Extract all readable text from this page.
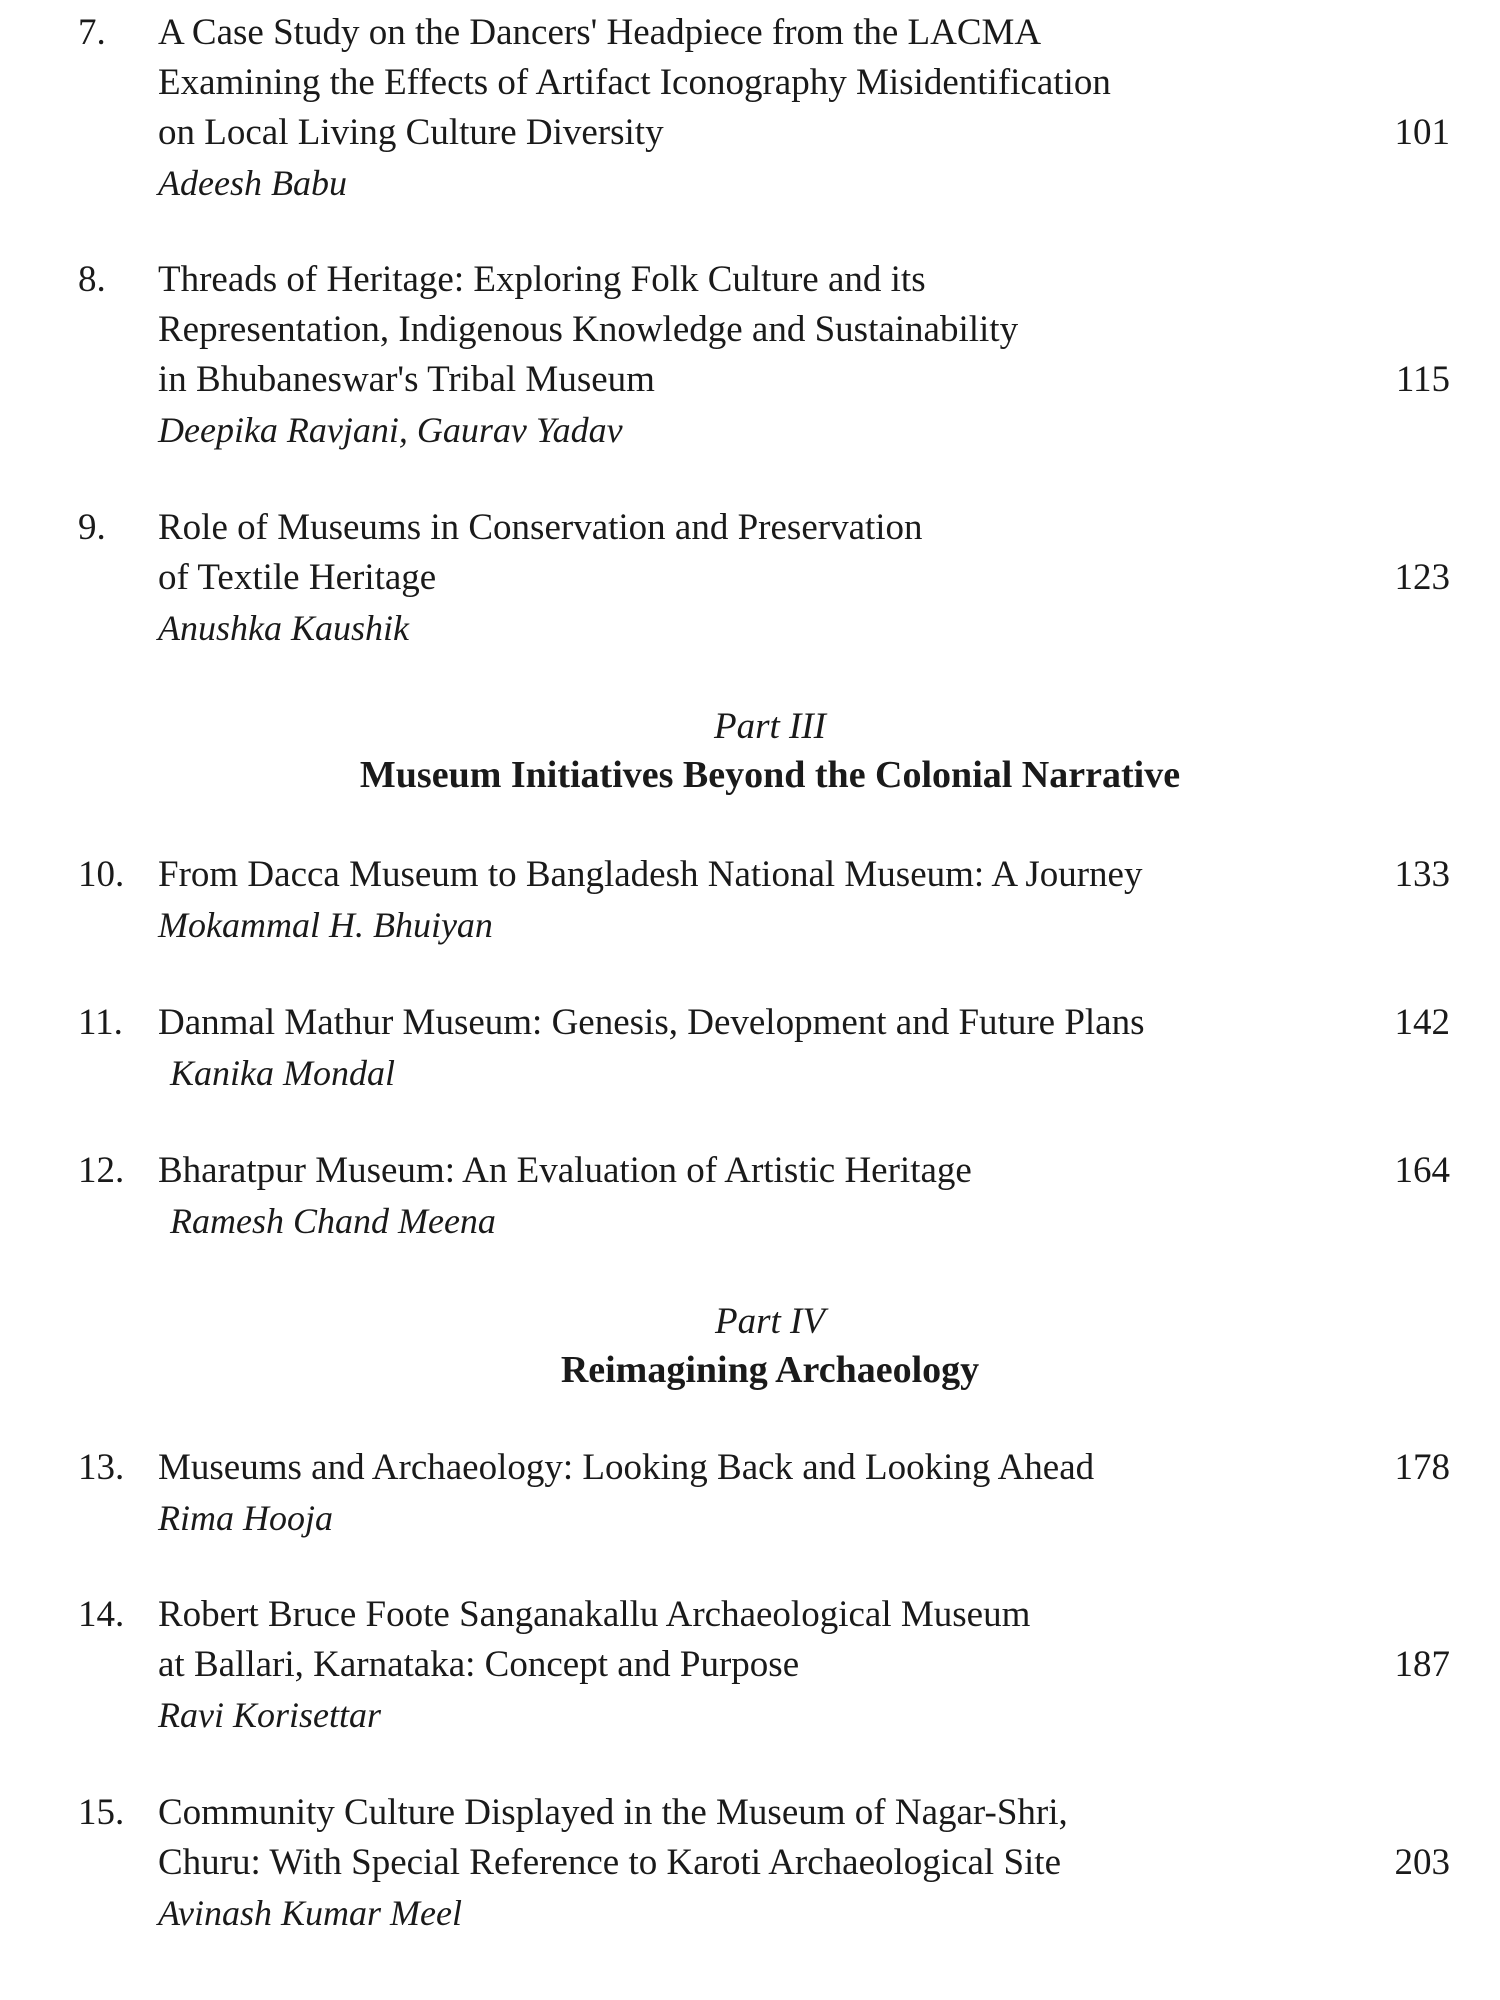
7.	A Case Study on the Dancers' Headpiece from the LACMA
Examining the Effects of Artifact Iconography Misidentification
on Local Living Culture Diversity	101
Adeesh Babu
8.	Threads of Heritage: Exploring Folk Culture and its
Representation, Indigenous Knowledge and Sustainability
in Bhubaneswar's Tribal Museum	115
Deepika Ravjani, Gaurav Yadav
9.	Role of Museums in Conservation and Preservation
of Textile Heritage	123
Anushka Kaushik
Part III
Museum Initiatives Beyond the Colonial Narrative
10. From Dacca Museum to Bangladesh National Museum: A Journey	133
Mokammal H. Bhuiyan
11. Danmal Mathur Museum: Genesis, Development and Future Plans	142
Kanika Mondal
12. Bharatpur Museum: An Evaluation of Artistic Heritage	164
Ramesh Chand Meena
Part IV
Reimagining Archaeology
13. Museums and Archaeology: Looking Back and Looking Ahead	178
Rima Hooja
14. Robert Bruce Foote Sanganakallu Archaeological Museum
at Ballari, Karnataka: Concept and Purpose	187
Ravi Korisettar
15. Community Culture Displayed in the Museum of Nagar-Shri,
Churu: With Special Reference to Karoti Archaeological Site	203
Avinash Kumar Meel
